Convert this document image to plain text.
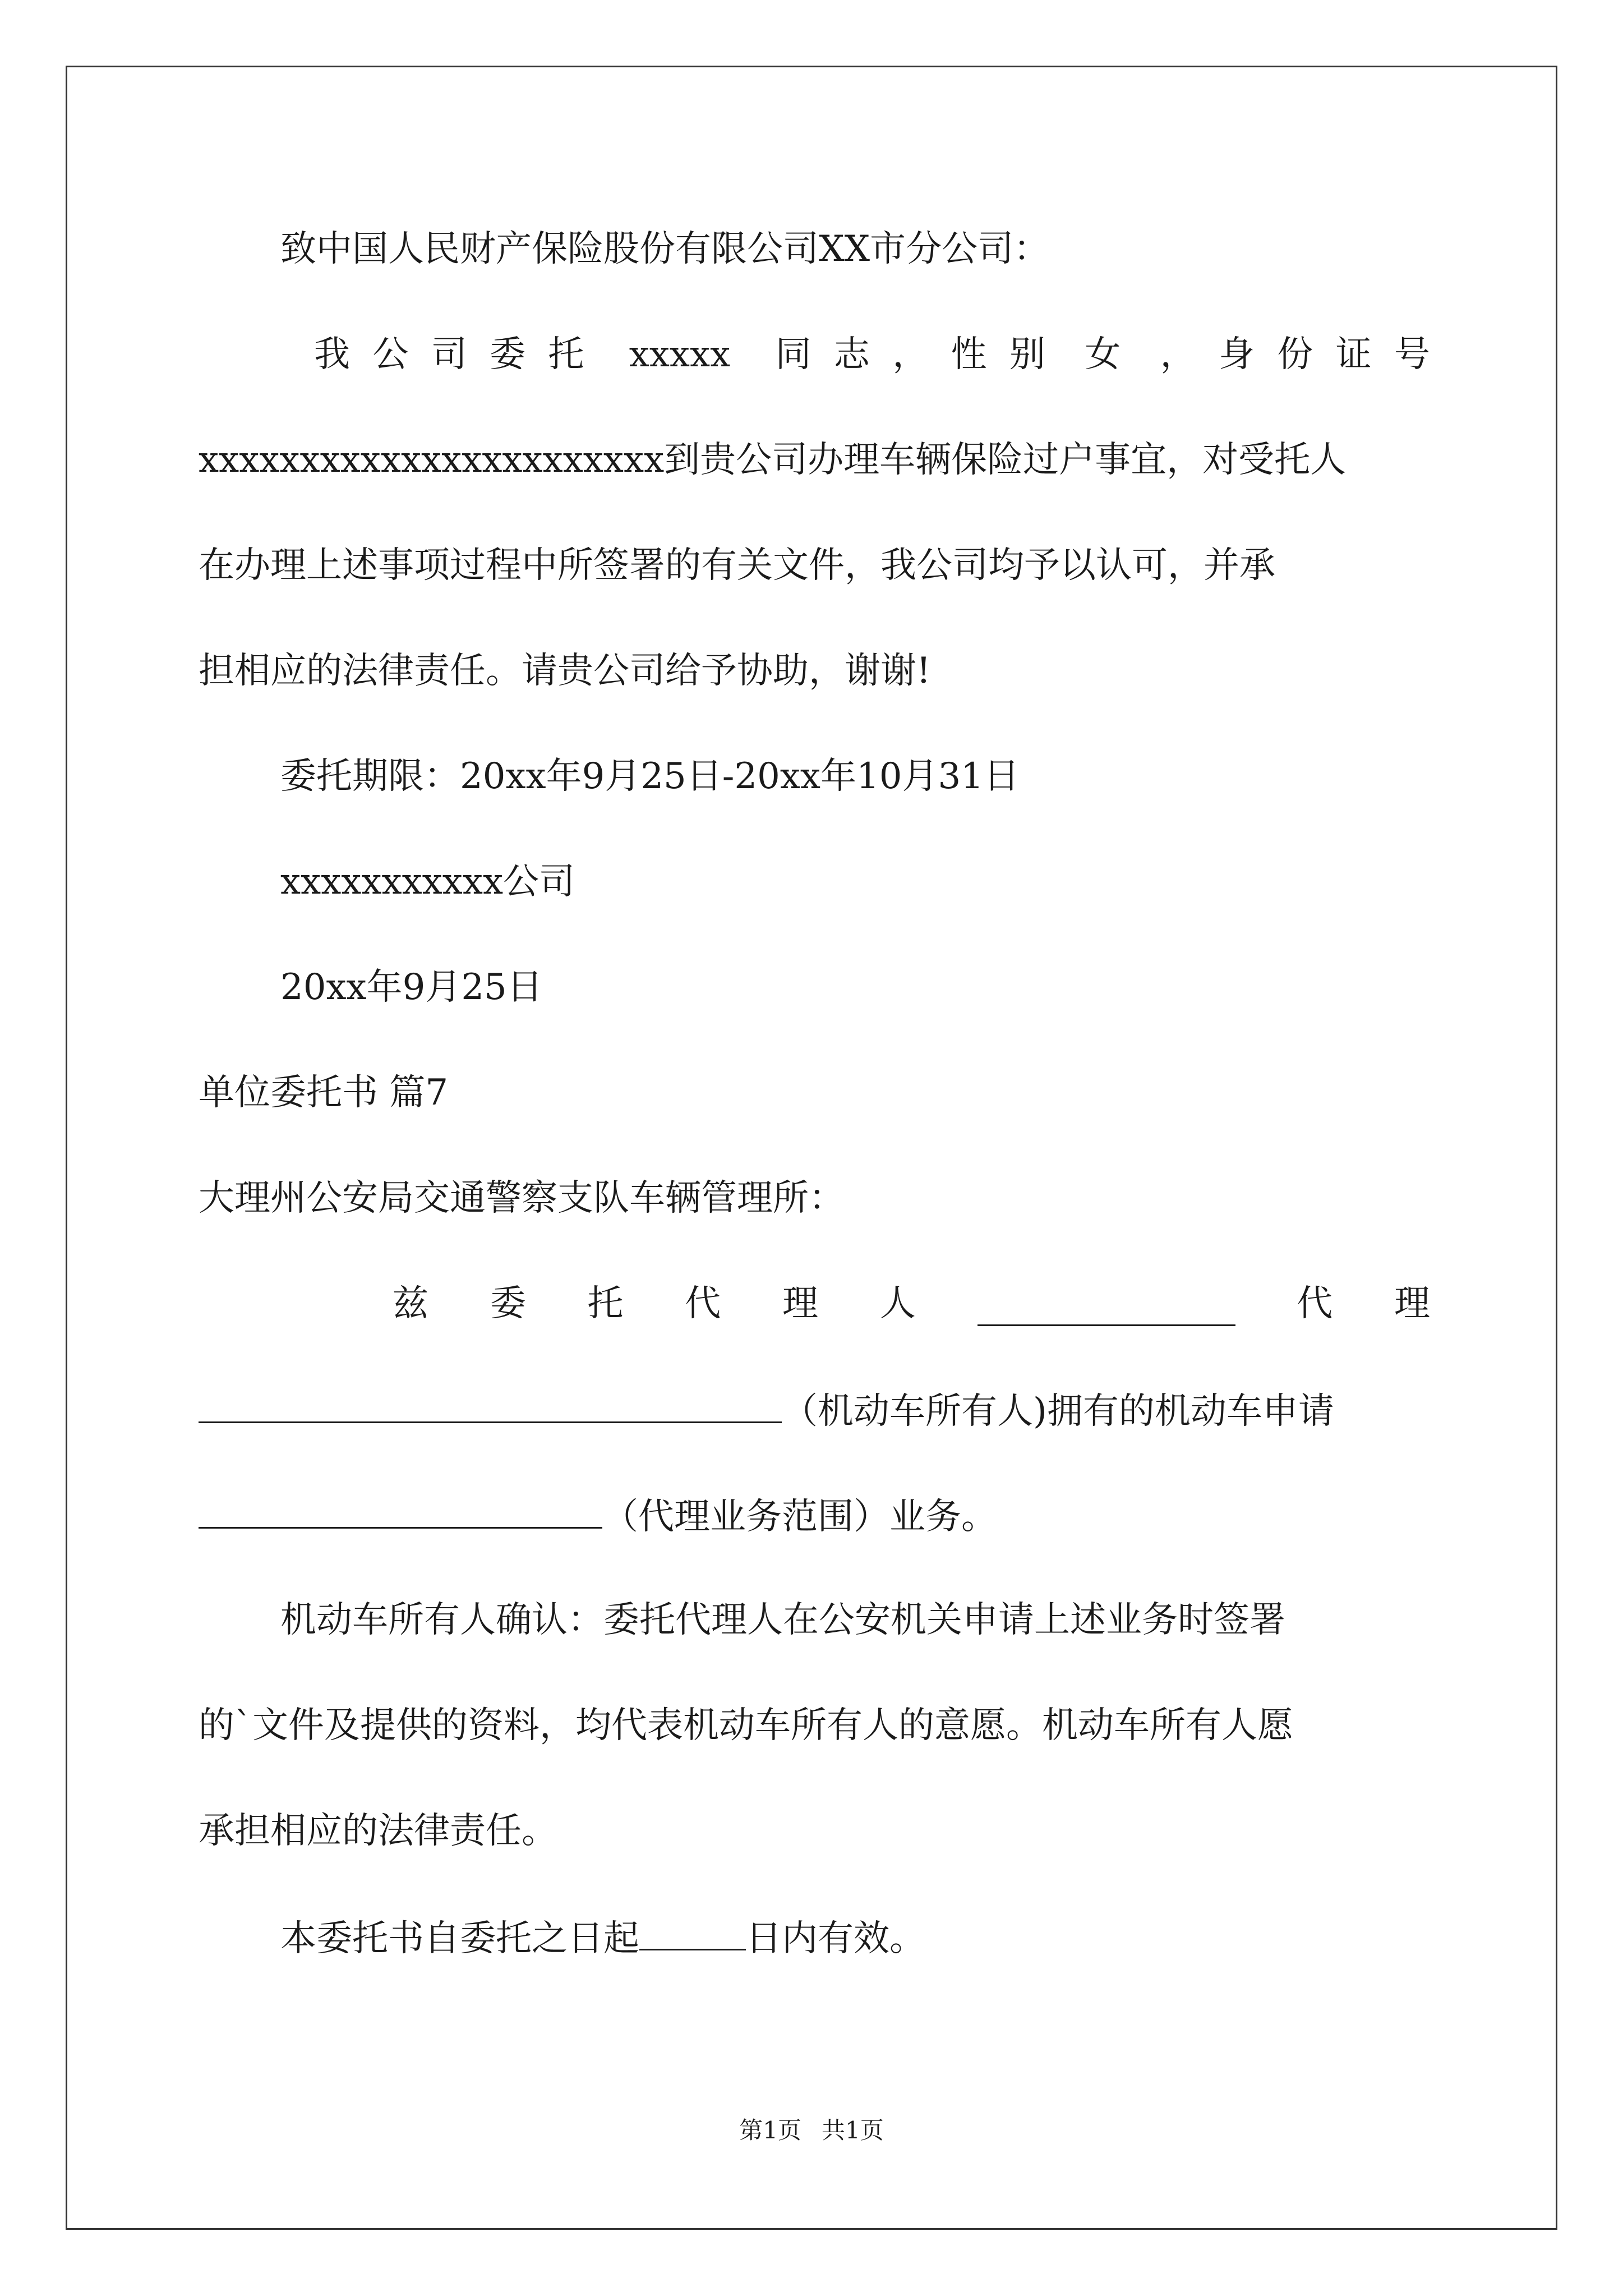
致中国人民财产保险股份有限公司XX市分公司：
我 公 司 委 托 xxxxx 同 志 ， 性 别 女 ， 身 份 证 号
xxxxxxxxxxxxxxxxxxxxxxx到贵公司办理车辆保险过户事宜，对受托人
在办理上述事项过程中所签署的有关文件，我公司均予以认可，并承
担相应的法律责任。请贵公司给予协助，谢谢!
委托期限：20xx年9月25日-20xx年10月31日
xxxxxxxxxxx公司
20xx年9月25日
单位委托书 篇7
大理州公安局交通警察支队车辆管理所：
兹 委 托 代 理 人	代 理
（机动车所有人)拥有的机动车申请
（代理业务范围）业务。
机动车所有人确认：委托代理人在公安机关申请上述业务时签署
的`文件及提供的资料，均代表机动车所有人的意愿。机动车所有人愿
承担相应的法律责任。
本委托书自委托之日起	日内有效。
第1页 共1页
